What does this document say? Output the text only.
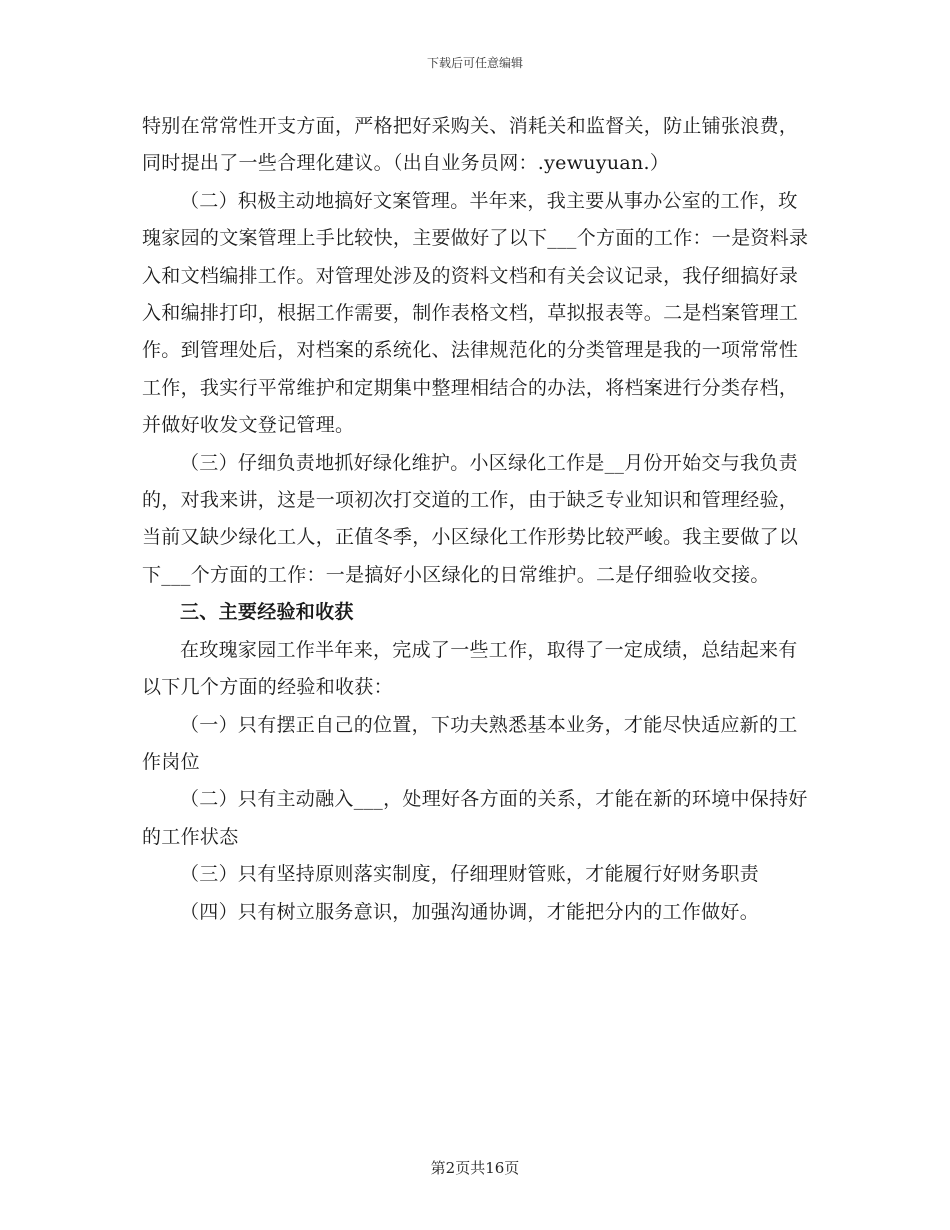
下载后可任意编辑

特别在常常性开支方面，严格把好采购关、消耗关和监督关，防止铺张浪费，同时提出了一些合理化建议。（出自业务员网：.yewuyuan.）

（二）积极主动地搞好文案管理。半年来，我主要从事办公室的工作，玫瑰家园的文案管理上手比较快，主要做好了以下___个方面的工作：一是资料录入和文档编排工作。对管理处涉及的资料文档和有关会议记录，我仔细搞好录入和编排打印，根据工作需要，制作表格文档，草拟报表等。二是档案管理工作。到管理处后，对档案的系统化、法律规范化的分类管理是我的一项常常性工作，我实行平常维护和定期集中整理相结合的办法，将档案进行分类存档，并做好收发文登记管理。

（三）仔细负责地抓好绿化维护。小区绿化工作是__月份开始交与我负责的，对我来讲，这是一项初次打交道的工作，由于缺乏专业知识和管理经验，当前又缺少绿化工人，正值冬季，小区绿化工作形势比较严峻。我主要做了以下___个方面的工作：一是搞好小区绿化的日常维护。二是仔细验收交接。

三、主要经验和收获

在玫瑰家园工作半年来，完成了一些工作，取得了一定成绩，总结起来有以下几个方面的经验和收获：

（一）只有摆正自己的位置，下功夫熟悉基本业务，才能尽快适应新的工作岗位

（二）只有主动融入___，处理好各方面的关系，才能在新的环境中保持好的工作状态

（三）只有坚持原则落实制度，仔细理财管账，才能履行好财务职责

（四）只有树立服务意识，加强沟通协调，才能把分内的工作做好。

第2页共16页
